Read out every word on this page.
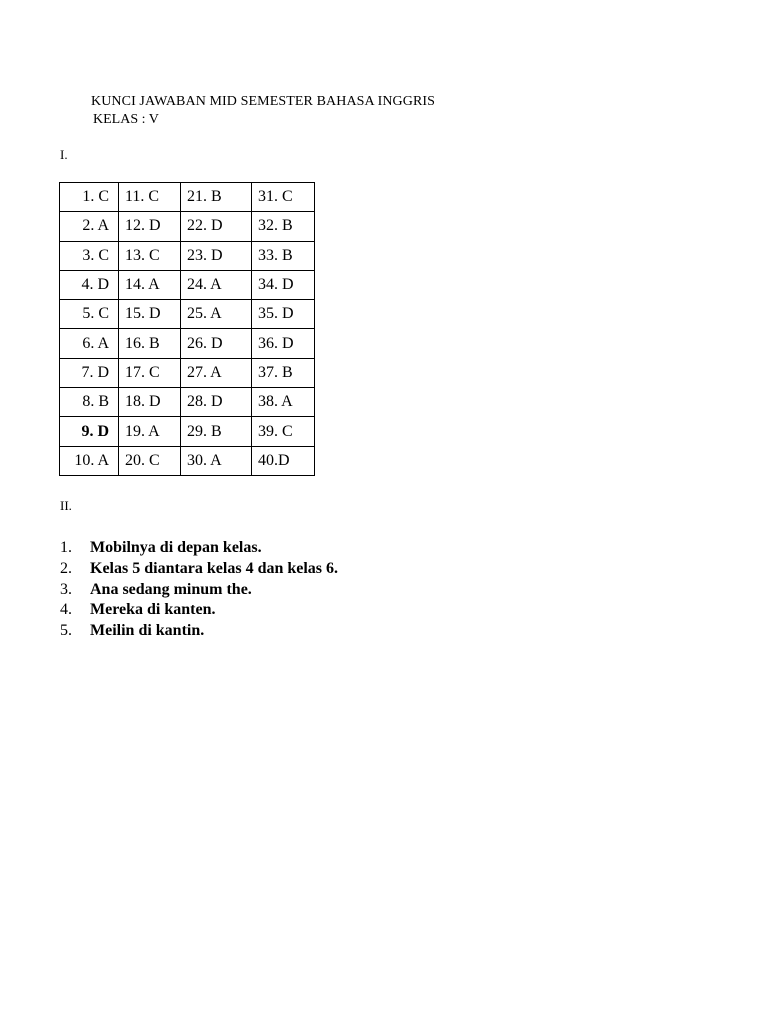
KUNCI JAWABAN MID SEMESTER BAHASA INGGRIS
KELAS : V
I.
1. C	11. C	21. B	31. C
2. A	12. D	22. D	32. B
3. C	13. C	23. D	33. B
4. D	14. A	24. A	34. D
5. C	15. D	25. A	35. D
6. A	16. B	26. D	36. D
7. D	17. C	27. A	37. B
8. B	18. D	28. D	38. A
9. D	19. A	29. B	39. C
10. A	20. C	30. A	40.D
II.
1. Mobilnya di depan kelas.
2. Kelas 5 diantara kelas 4 dan kelas 6.
3. Ana sedang minum the.
4. Mereka di kanten.
5. Meilin di kantin.
